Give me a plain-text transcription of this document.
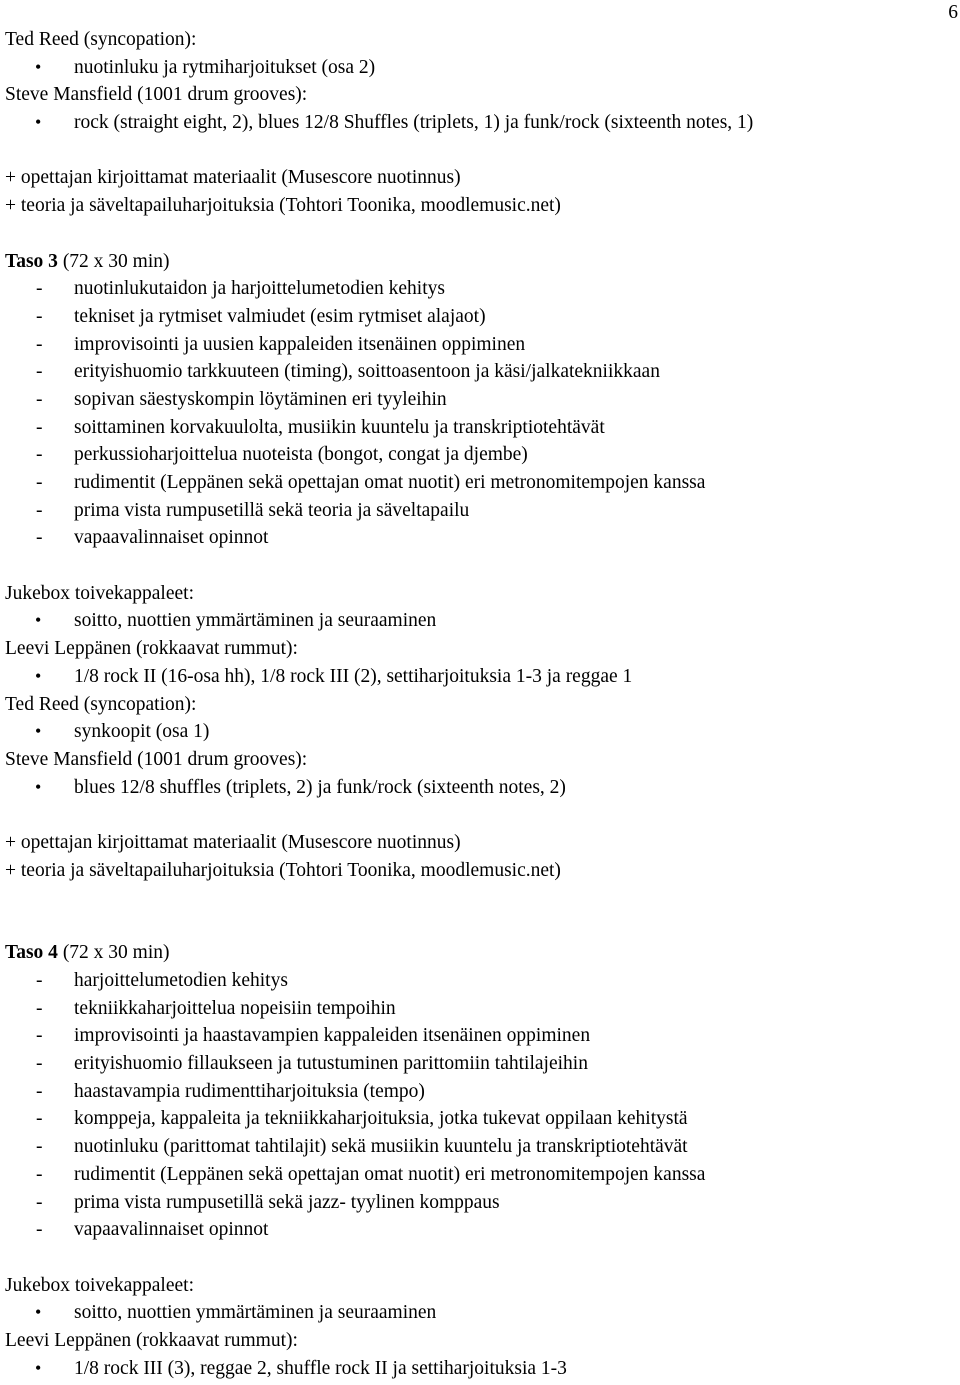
6
Ted Reed (syncopation):
• nuotinluku ja rytmiharjoitukset (osa 2)
Steve Mansfield (1001 drum grooves):
• rock (straight eight, 2), blues 12/8 Shuffles (triplets, 1) ja funk/rock (sixteenth notes, 1)
+ opettajan kirjoittamat materiaalit (Musescore nuotinnus)
+ teoria ja säveltapailuharjoituksia (Tohtori Toonika, moodlemusic.net)
Taso 3 (72 x 30 min)
- nuotinlukutaidon ja harjoittelumetodien kehitys
- tekniset ja rytmiset valmiudet (esim rytmiset alajaot)
- improvisointi ja uusien kappaleiden itsenäinen oppiminen
- erityishuomio tarkkuuteen (timing), soittoasentoon ja käsi/jalkatekniikkaan
- sopivan säestyskompin löytäminen eri tyyleihin
- soittaminen korvakuulolta, musiikin kuuntelu ja transkriptiotehtävät
- perkussioharjoittelua nuoteista (bongot, congat ja djembe)
- rudimentit (Leppänen sekä opettajan omat nuotit) eri metronomitempojen kanssa
- prima vista rumpusetillä sekä teoria ja säveltapailu
- vapaavalinnaiset opinnot
Jukebox toivekappaleet:
• soitto, nuottien ymmärtäminen ja seuraaminen
Leevi Leppänen (rokkaavat rummut):
• 1/8 rock II (16-osa hh), 1/8 rock III (2), settiharjoituksia 1-3 ja reggae 1
Ted Reed (syncopation):
• synkoopit (osa 1)
Steve Mansfield (1001 drum grooves):
• blues 12/8 shuffles (triplets, 2) ja funk/rock (sixteenth notes, 2)
+ opettajan kirjoittamat materiaalit (Musescore nuotinnus)
+ teoria ja säveltapailuharjoituksia (Tohtori Toonika, moodlemusic.net)
Taso 4 (72 x 30 min)
- harjoittelumetodien kehitys
- tekniikkaharjoittelua nopeisiin tempoihin
- improvisointi ja haastavampien kappaleiden itsenäinen oppiminen
- erityishuomio fillaukseen ja tutustuminen parittomiin tahtilajeihin
- haastavampia rudimenttiharjoituksia (tempo)
- komppeja, kappaleita ja tekniikkaharjoituksia, jotka tukevat oppilaan kehitystä
- nuotinluku (parittomat tahtilajit) sekä musiikin kuuntelu ja transkriptiotehtävät
- rudimentit (Leppänen sekä opettajan omat nuotit) eri metronomitempojen kanssa
- prima vista rumpusetillä sekä jazz- tyylinen komppaus
- vapaavalinnaiset opinnot
Jukebox toivekappaleet:
• soitto, nuottien ymmärtäminen ja seuraaminen
Leevi Leppänen (rokkaavat rummut):
• 1/8 rock III (3), reggae 2, shuffle rock II ja settiharjoituksia 1-3
